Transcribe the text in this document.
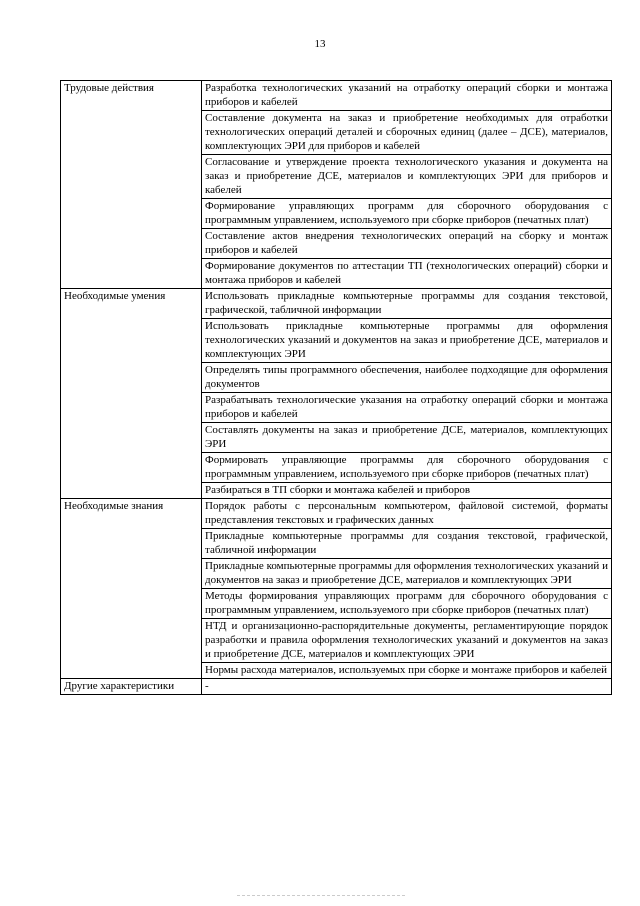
13
Трудовые действия	Разработка технологических указаний на отработку операций сборки и монтажа приборов и кабелей
	Составление документа на заказ и приобретение необходимых для отработки технологических операций деталей и сборочных единиц (далее – ДСЕ), материалов, комплектующих ЭРИ для приборов и кабелей
	Согласование и утверждение проекта технологического указания и документа на заказ и приобретение ДСЕ, материалов и комплектующих ЭРИ для приборов и кабелей
	Формирование управляющих программ для сборочного оборудования с программным управлением, используемого при сборке приборов (печатных плат)
	Составление актов внедрения технологических операций на сборку и монтаж приборов и кабелей
	Формирование документов по аттестации ТП (технологических операций) сборки и монтажа приборов и кабелей
Необходимые умения	Использовать прикладные компьютерные программы для создания текстовой, графической, табличной информации
	Использовать прикладные компьютерные программы для оформления технологических указаний и документов на заказ и приобретение ДСЕ, материалов и комплектующих ЭРИ
	Определять типы программного обеспечения, наиболее подходящие для оформления документов
	Разрабатывать технологические указания на отработку операций сборки и монтажа приборов и кабелей
	Составлять документы на заказ и приобретение ДСЕ, материалов, комплектующих ЭРИ
	Формировать управляющие программы для сборочного оборудования с программным управлением, используемого при сборке приборов (печатных плат)
	Разбираться в ТП сборки и монтажа кабелей и приборов
Необходимые знания	Порядок работы с персональным компьютером, файловой системой, форматы представления текстовых и графических данных
	Прикладные компьютерные программы для создания текстовой, графической, табличной информации
	Прикладные компьютерные программы для оформления технологических указаний и документов на заказ и приобретение ДСЕ, материалов и комплектующих ЭРИ
	Методы формирования управляющих программ для сборочного оборудования с программным управлением, используемого при сборке приборов (печатных плат)
	НТД и организационно-распорядительные документы, регламентирующие порядок разработки и правила оформления технологических указаний и документов на заказ и приобретение ДСЕ, материалов и комплектующих ЭРИ
	Нормы расхода материалов, используемых при сборке и монтаже приборов и кабелей
Другие характеристики	-
